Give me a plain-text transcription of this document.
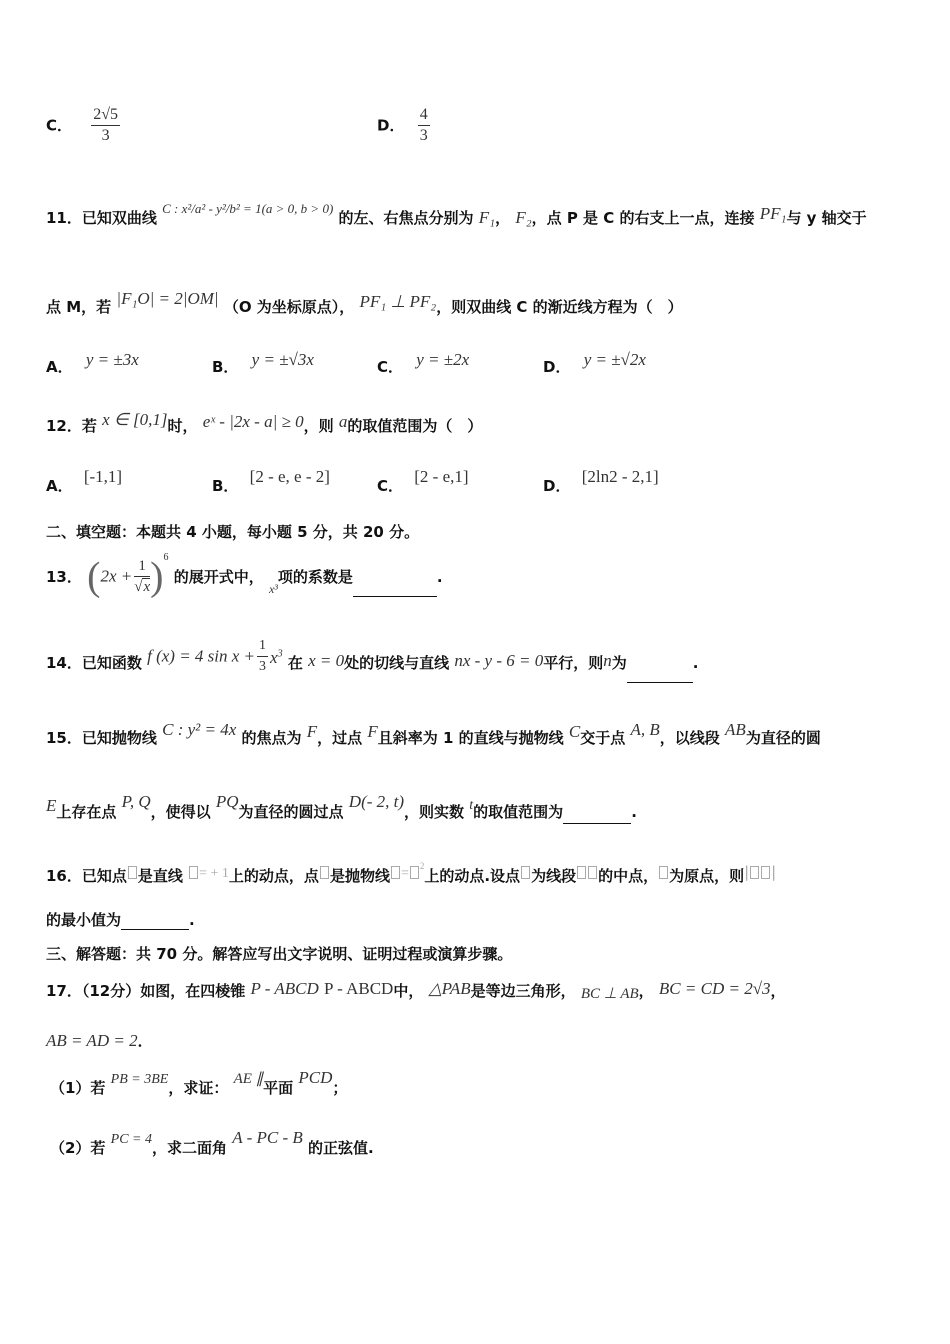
C． $\frac{2√5}{3}$	D． $\frac{4}{3}$
11．已知双曲线 C : x²/a² - y²/b² = 1(a > 0, b > 0) 的左、右焦点分别为 F₁， F₂，点 P 是 C 的右支上一点，连接 PF₁与 y 轴交于
点 M，若 |F₁O| = 2|OM| （O 为坐标原点）， PF₁ ⊥ PF₂，则双曲线 C 的渐近线方程为（　）
A． y = ±3x	B． y = ±√3x	C． y = ±2x	D． y = ±√2x
12．若 x ∈ [0,1]时， eˣ - |2x - a| ≥ 0，则 a的取值范围为（　）
A． [-1,1]	B． [2 - e, e - 2]	C． [2 - e,1]	D． [2ln2 - 2,1]
二、填空题：本题共 4 小题，每小题 5 分，共 20 分。
13． $(2x + \frac{1}{√x} )^6$ 的展开式中， x³项的系数是	.
14．已知函数 f (x) = 4 $\sin x + \frac{1}{3} x^3$ 在 x = 0处的切线与直线 nx - y - 6 = 0平行，则n为	.
15．已知抛物线 C : y² = 4x 的焦点为 F，过点 F且斜率为 1 的直线与抛物线 C交于点 A, B，以线段 AB为直径的圆
E上存在点 P, Q，使得以 PQ为直径的圆过点 D(- 2, t)，则实数 t的取值范围为	.
16．已知点 是直线 = + 1上的动点，点 是抛物线 = $^2$上的动点.设点 为线段 的中点， 为原点，则| |
的最小值为	.
三、解答题：共 70 分。解答应写出文字说明、证明过程或演算步骤。
17．（12分）如图，在四棱锥 P - ABCD P - ABCD中， △PAB是等边三角形， BC ⊥ AB， BC = CD = 2√3，
AB = AD = 2．
（1）若 PB = 3BE，求证： AE ∥平面 PCD；
（2）若 PC = 4，求二面角 A - PC - B 的正弦值.
